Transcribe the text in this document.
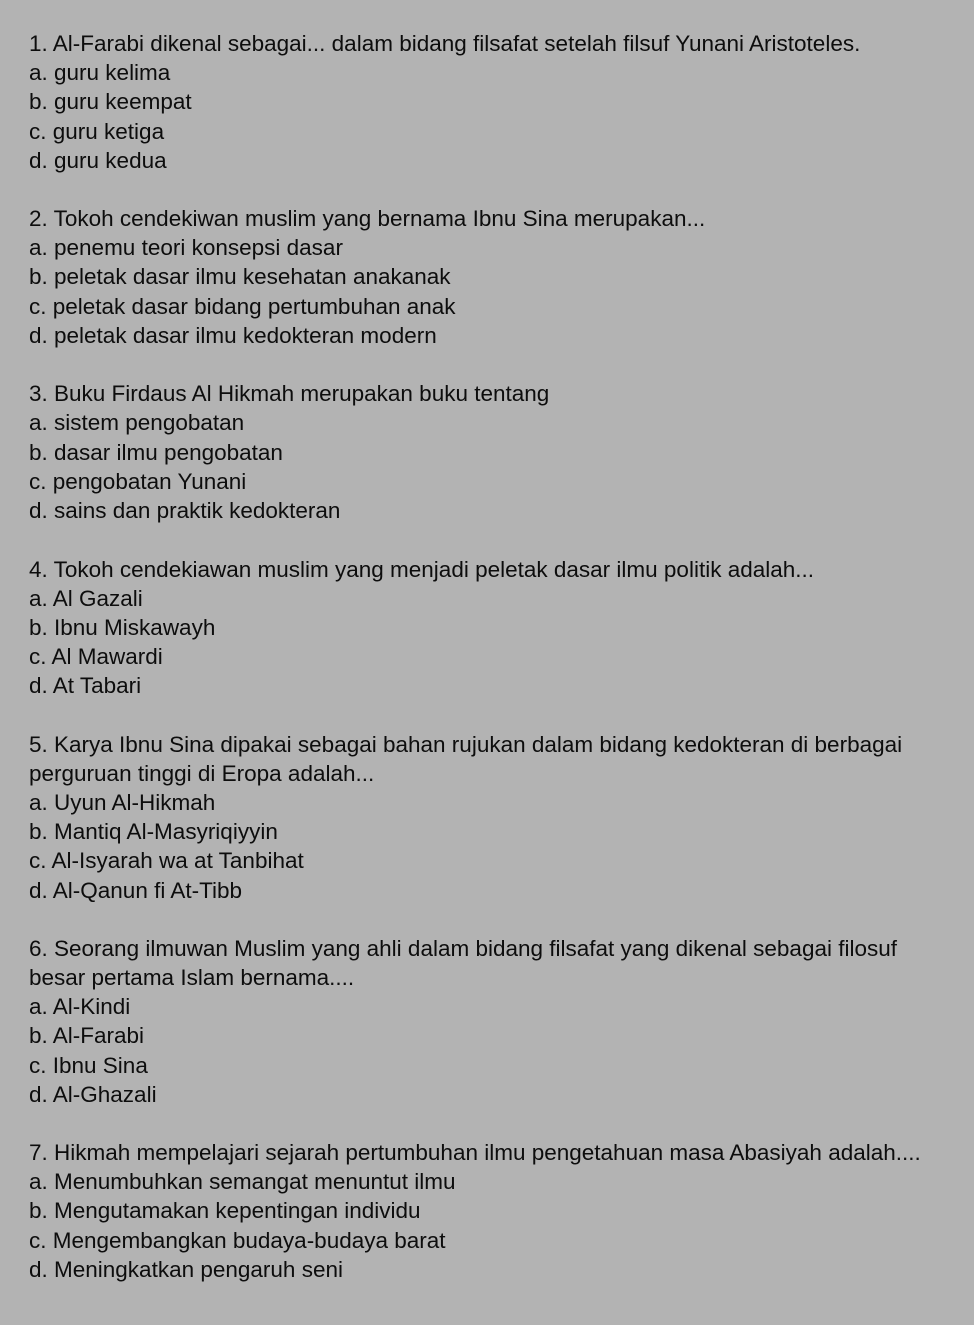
1. Al-Farabi dikenal sebagai... dalam bidang filsafat setelah filsuf Yunani Aristoteles.

a. guru kelima
b. guru keempat
c. guru ketiga
d. guru kedua

2. Tokoh cendekiwan muslim yang bernama Ibnu Sina merupakan...

a. penemu teori konsepsi dasar
b. peletak dasar ilmu kesehatan anakanak
c. peletak dasar bidang pertumbuhan anak
d. peletak dasar ilmu kedokteran modern

3. Buku Firdaus Al Hikmah merupakan buku tentang

a. sistem pengobatan
b. dasar ilmu pengobatan
c. pengobatan Yunani
d. sains dan praktik kedokteran

4. Tokoh cendekiawan muslim yang menjadi peletak dasar ilmu politik adalah...

a. Al Gazali
b. Ibnu Miskawayh
c. Al Mawardi
d. At Tabari

5. Karya Ibnu Sina dipakai sebagai bahan rujukan dalam bidang kedokteran di berbagai perguruan tinggi di Eropa adalah...

a. Uyun Al-Hikmah
b. Mantiq Al-Masyriqiyyin
c. Al-Isyarah wa at Tanbihat
d. Al-Qanun fi At-Tibb

6. Seorang ilmuwan Muslim yang ahli dalam bidang filsafat yang dikenal sebagai filosuf besar pertama Islam bernama....

a. Al-Kindi
b. Al-Farabi
c. Ibnu Sina
d. Al-Ghazali

7. Hikmah mempelajari sejarah pertumbuhan ilmu pengetahuan masa Abasiyah adalah....

a. Menumbuhkan semangat menuntut ilmu
b. Mengutamakan kepentingan individu
c. Mengembangkan budaya-budaya barat
d. Meningkatkan pengaruh seni
